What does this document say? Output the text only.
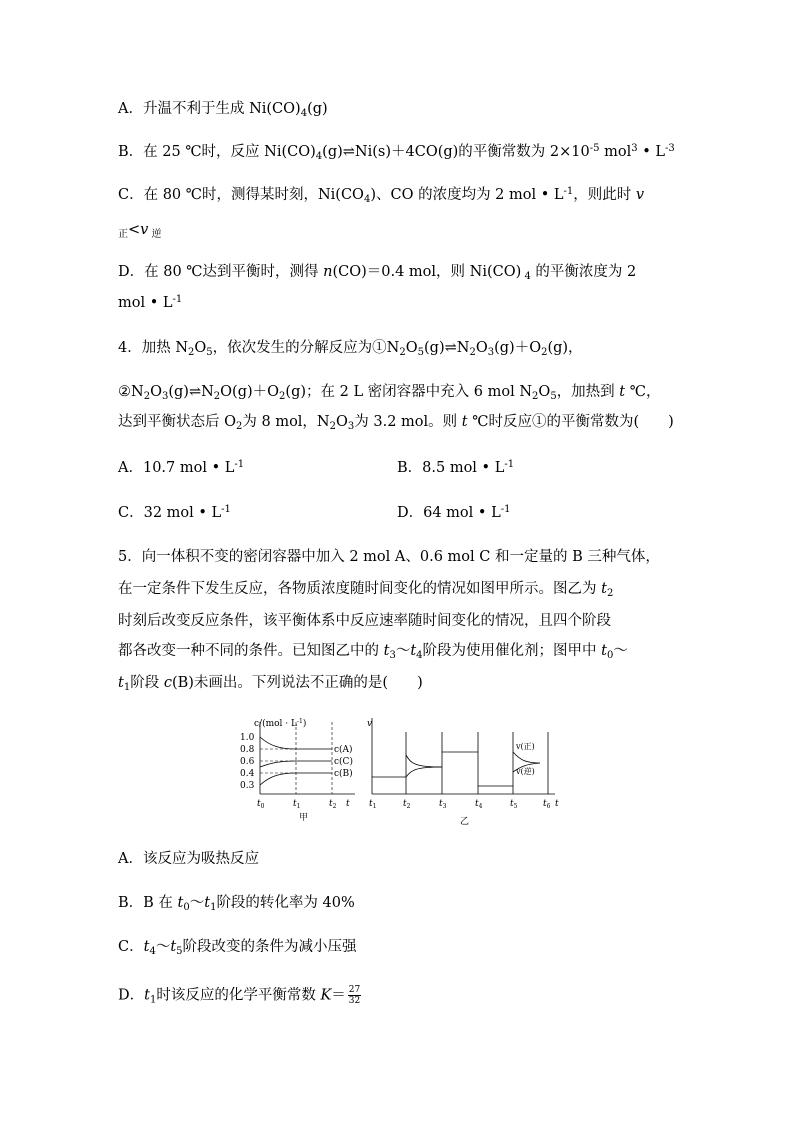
A．升温不利于生成 $Ni(CO)_4(g)$
B．在 25 ℃时，反应 $Ni(CO)_4(g)\rightleftharpoons Ni(s)+4CO(g)$的平衡常数为 $2\times 10^{-5}$ mol$^3$ • $L^{-3}$
C．在 80 ℃时，测得某时刻，$Ni(CO_4)$、CO 的浓度均为 2 mol • $L^{-1}$，则此时 v
$_正$<v $_逆$
D．在 80 ℃达到平衡时，测得 n(CO)＝0.4 mol，则 Ni(CO) $_4$ 的平衡浓度为 2
mol • $L^{-1}$
4．加热 $N_2O_5$，依次发生的分解反应为$①N_2O_5(g)\rightleftharpoons N_2O_3(g)+O_2(g)$，
$②N_2O_3(g)\rightleftharpoons N_2O(g)+O_2(g)$；在 2 L 密闭容器中充入 6 mol $N_2O_5$，加热到 t ℃，
达到平衡状态后 $O_2$为 8 mol，$N_2O_3$为 3.2 mol。则 t ℃时反应①的平衡常数为(　　)
A．10.7 mol • $L^{-1}$	B．8.5 mol • $L^{-1}$
C．32 mol • $L^{-1}$	D．64 mol • $L^{-1}$
5．向一体积不变的密闭容器中加入 2 mol A、0.6 mol C 和一定量的 B 三种气体，
在一定条件下发生反应，各物质浓度随时间变化的情况如图甲所示。图乙为 $t_2$
时刻后改变反应条件，该平衡体系中反应速率随时间变化的情况，且四个阶段
都各改变一种不同的条件。已知图乙中的 $t_3\sim t_4$阶段为使用催化剂；图甲中 $t_0\sim$
$t_1$阶段 c(B)未画出。下列说法不正确的是(　　)
$c/(mol \cdot L^{-1})$
1.0
0.8
0.6
0.4
0.3
c(A)
c(C)
c(B)
$t_0$	$t_1$	$t_2$ t
甲
v
v(正)
v(逆)
$t_1$	$t_2$	$t_3$	$t_4$	$t_5$	$t_6$ t
乙
A．该反应为吸热反应
B．B 在 $t_0\sim t_1$阶段的转化率为 40%
C．$t_4\sim t_5$阶段改变的条件为减小压强
D．$t_1$时该反应的化学平衡常数 $K= \frac{27}{32}$
